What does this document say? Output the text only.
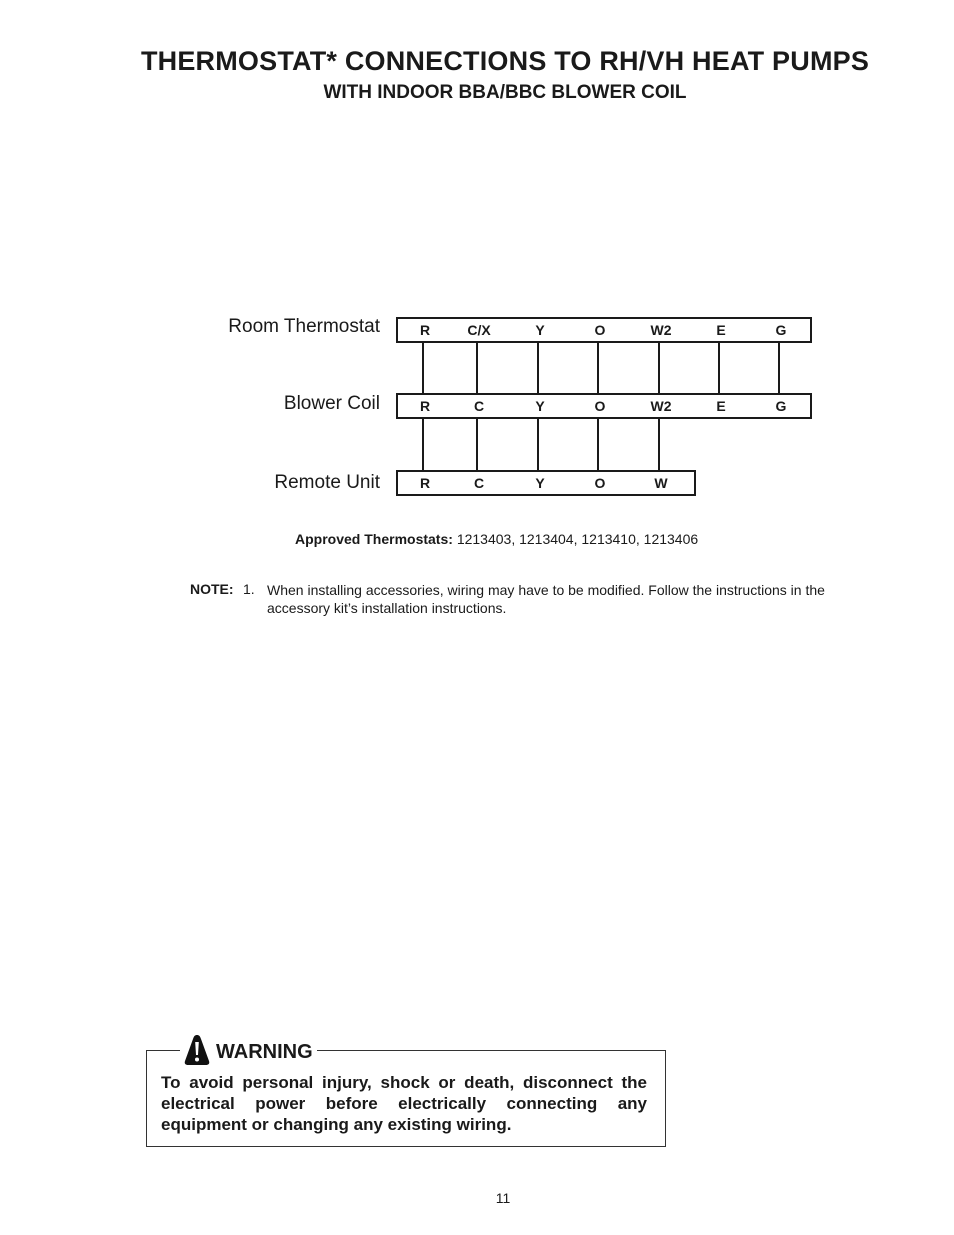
THERMOSTAT* CONNECTIONS TO RH/VH HEAT PUMPS
WITH INDOOR BBA/BBC BLOWER COIL
Room Thermostat	R	C/X	Y	O	W2	E	G
Blower Coil	R	C	Y	O	W2	E	G
Remote Unit	R	C	Y	O	W
Approved Thermostats: 1213403, 1213404, 1213410, 1213406
NOTE: 1. When installing accessories, wiring may have to be modified. Follow the instructions in the accessory kit’s installation instructions.
WARNING
To avoid personal injury, shock or death, disconnect the electrical power before electrically connecting any equipment or changing any existing wiring.
11
